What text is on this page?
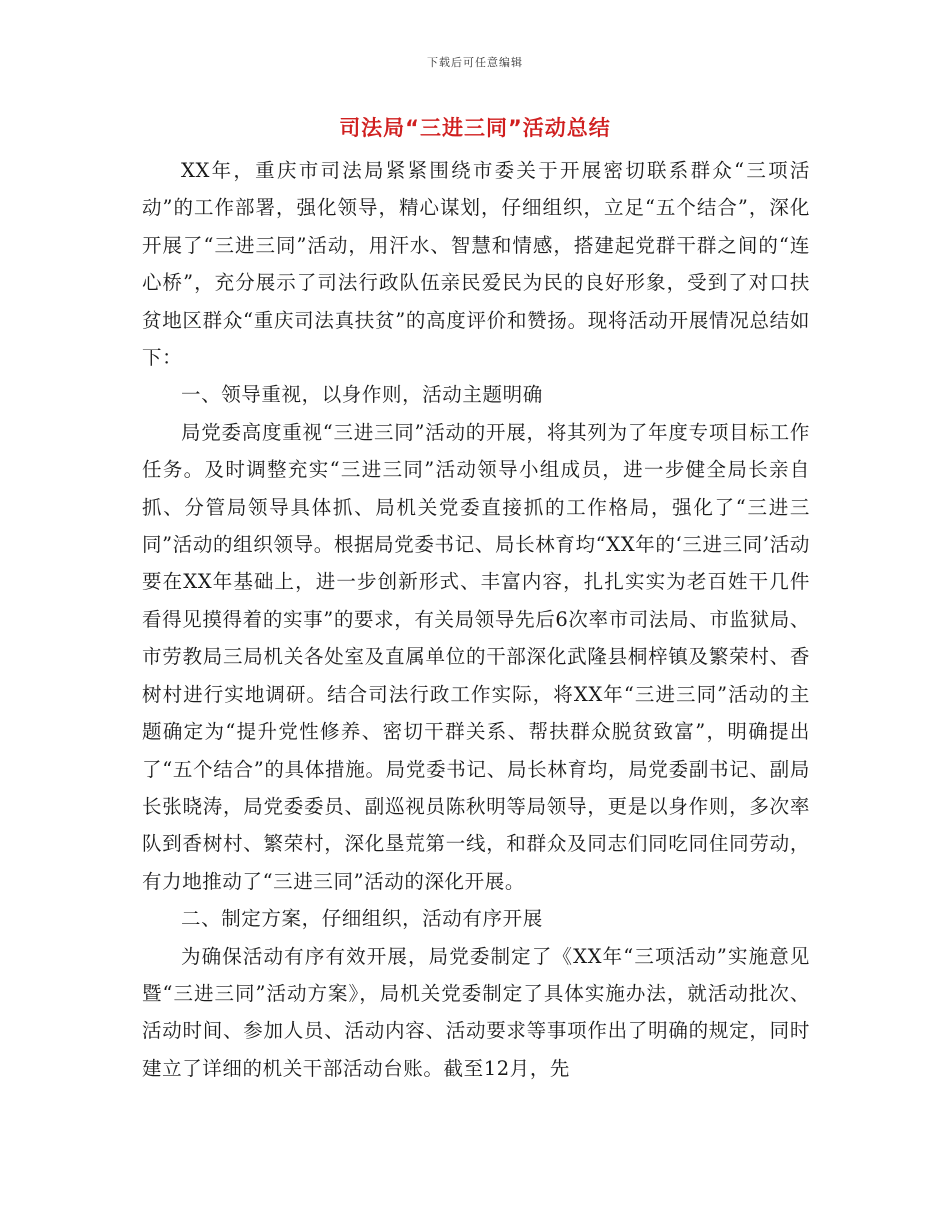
下载后可任意编辑
司法局“三进三同”活动总结

XX年，重庆市司法局紧紧围绕市委关于开展密切联系群众“三项活动”的工作部署，强化领导，精心谋划，仔细组织，立足“五个结合”，深化开展了“三进三同”活动，用汗水、智慧和情感，搭建起党群干群之间的“连心桥”，充分展示了司法行政队伍亲民爱民为民的良好形象，受到了对口扶贫地区群众“重庆司法真扶贫”的高度评价和赞扬。现将活动开展情况总结如下：

一、领导重视，以身作则，活动主题明确

局党委高度重视“三进三同”活动的开展，将其列为了年度专项目标工作任务。及时调整充实“三进三同”活动领导小组成员，进一步健全局长亲自抓、分管局领导具体抓、局机关党委直接抓的工作格局，强化了“三进三同”活动的组织领导。根据局党委书记、局长林育均“XX年的‘三进三同’活动要在XX年基础上，进一步创新形式、丰富内容，扎扎实实为老百姓干几件看得见摸得着的实事”的要求，有关局领导先后6次率市司法局、市监狱局、市劳教局三局机关各处室及直属单位的干部深化武隆县桐梓镇及繁荣村、香树村进行实地调研。结合司法行政工作实际，将XX年“三进三同”活动的主题确定为“提升党性修养、密切干群关系、帮扶群众脱贫致富”，明确提出了“五个结合”的具体措施。局党委书记、局长林育均，局党委副书记、副局长张晓涛，局党委委员、副巡视员陈秋明等局领导，更是以身作则，多次率队到香树村、繁荣村，深化垦荒第一线，和群众及同志们同吃同住同劳动，有力地推动了“三进三同”活动的深化开展。

二、制定方案，仔细组织，活动有序开展

为确保活动有序有效开展，局党委制定了《XX年“三项活动”实施意见暨“三进三同”活动方案》，局机关党委制定了具体实施办法，就活动批次、活动时间、参加人员、活动内容、活动要求等事项作出了明确的规定，同时建立了详细的机关干部活动台账。截至12月，先
